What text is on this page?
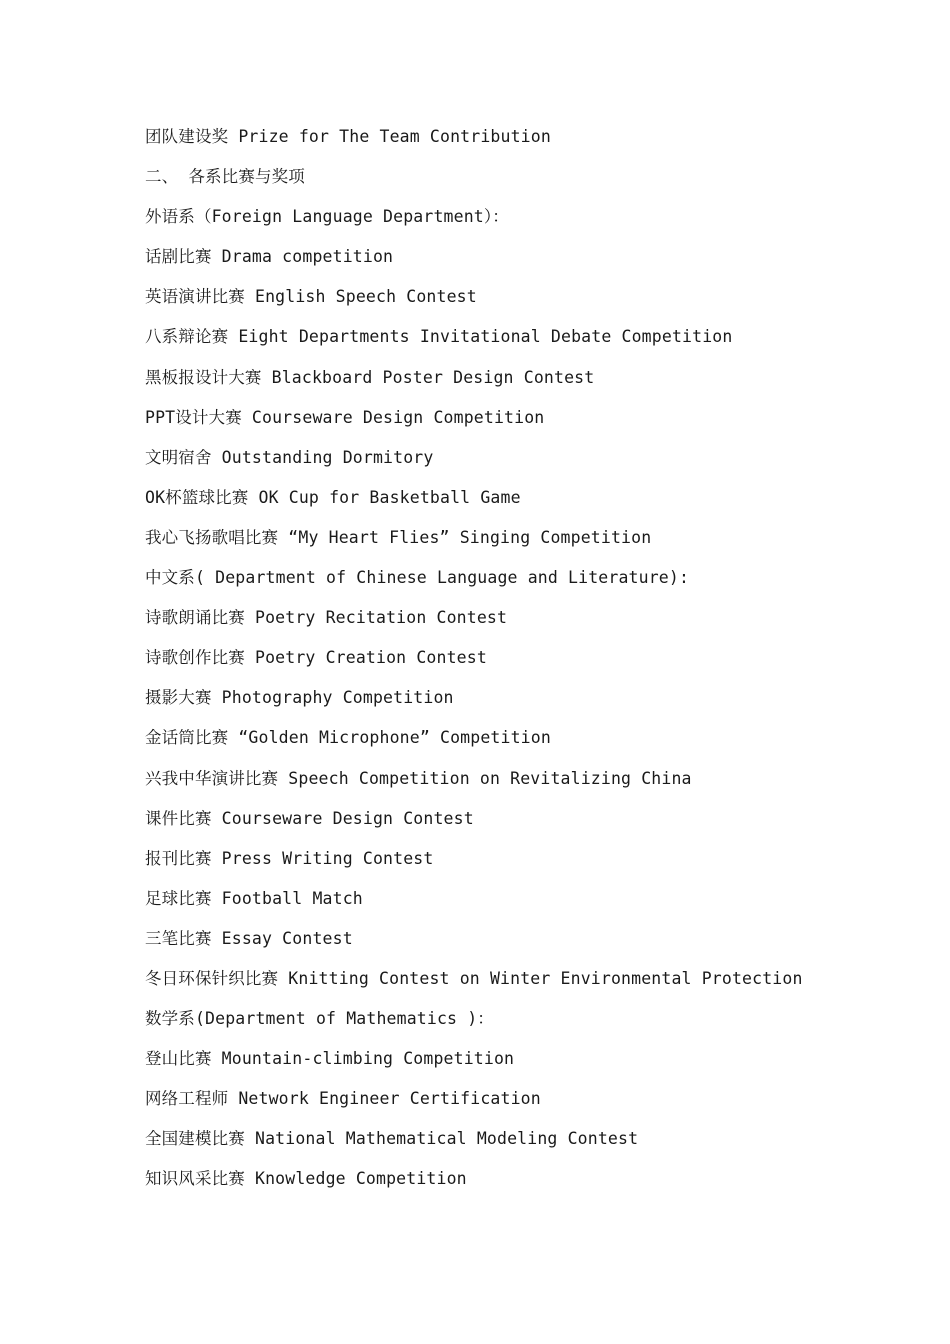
团队建设奖 Prize for The Team Contribution
二、 各系比赛与奖项
外语系（Foreign Language Department）：
话剧比赛 Drama competition
英语演讲比赛 English Speech Contest
八系辩论赛 Eight Departments Invitational Debate Competition
黑板报设计大赛 Blackboard Poster Design Contest
PPT设计大赛 Courseware Design Competition
文明宿舍 Outstanding Dormitory
OK杯篮球比赛 OK Cup for Basketball Game
我心飞扬歌唱比赛 “My Heart Flies” Singing Competition
中文系( Department of Chinese Language and Literature):
诗歌朗诵比赛 Poetry Recitation Contest
诗歌创作比赛 Poetry Creation Contest
摄影大赛 Photography Competition
金话筒比赛 “Golden Microphone” Competition
兴我中华演讲比赛 Speech Competition on Revitalizing China
课件比赛 Courseware Design Contest
报刊比赛 Press Writing Contest
足球比赛 Football Match
三笔比赛 Essay Contest
冬日环保针织比赛 Knitting Contest on Winter Environmental Protection
数学系(Department of Mathematics )：
登山比赛 Mountain-climbing Competition
网络工程师 Network Engineer Certification
全国建模比赛 National Mathematical Modeling Contest
知识风采比赛 Knowledge Competition
